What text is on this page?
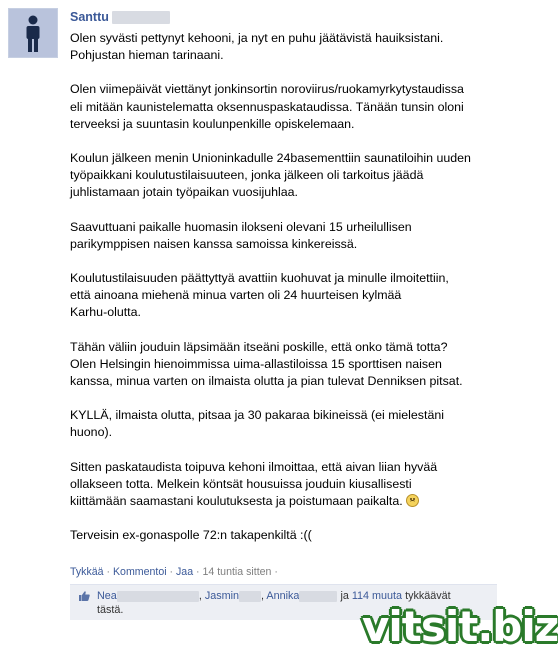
Santtu

Olen syvästi pettynyt kehooni, ja nyt en puhu jäätävistä hauiksistani.
Pohjustan hieman tarinaani.

Olen viimepäivät viettänyt jonkinsortin noroviirus/ruokamyrkytystaudissa
eli mitään kaunistelematta oksennuspaskataudissa. Tänään tunsin oloni
terveeksi ja suuntasin koulunpenkille opiskelemaan.

Koulun jälkeen menin Unioninkadulle 24basementtiin saunatiloihin uuden
työpaikkani koulutustilaisuuteen, jonka jälkeen oli tarkoitus jäädä
juhlistamaan jotain työpaikan vuosijuhlaa.

Saavuttuani paikalle huomasin ilokseni olevani 15 urheilullisen
parikymppisen naisen kanssa samoissa kinkereissä.

Koulutustilaisuuden päättyttyä avattiin kuohuvat ja minulle ilmoitettiin,
että ainoana miehenä minua varten oli 24 huurteisen kylmää
Karhu-olutta.

Tähän väliin jouduin läpsimään itseäni poskille, että onko tämä totta?
Olen Helsingin hienoimmissa uima-allastiloissa 15 sporttisen naisen
kanssa, minua varten on ilmaista olutta ja pian tulevat Denniksen pitsat.

KYLLÄ, ilmaista olutta, pitsaa ja 30 pakaraa bikineissä (ei mielestäni
huono).

Sitten paskataudista toipuva kehoni ilmoittaa, että aivan liian hyvää
ollakseen totta. Melkein köntsät housuissa jouduin kiusallisesti
kiittämään saamastani koulutuksesta ja poistumaan paikalta.

Terveisin ex-gonaspolle 72:n takapenkiltä :((

Tykkää · Kommentoi · Jaa · 14 tuntia sitten ·
Nea	, Jasmin , Annika	ja 114 muuta tykkäävät
tästä.	vitsit.biz
